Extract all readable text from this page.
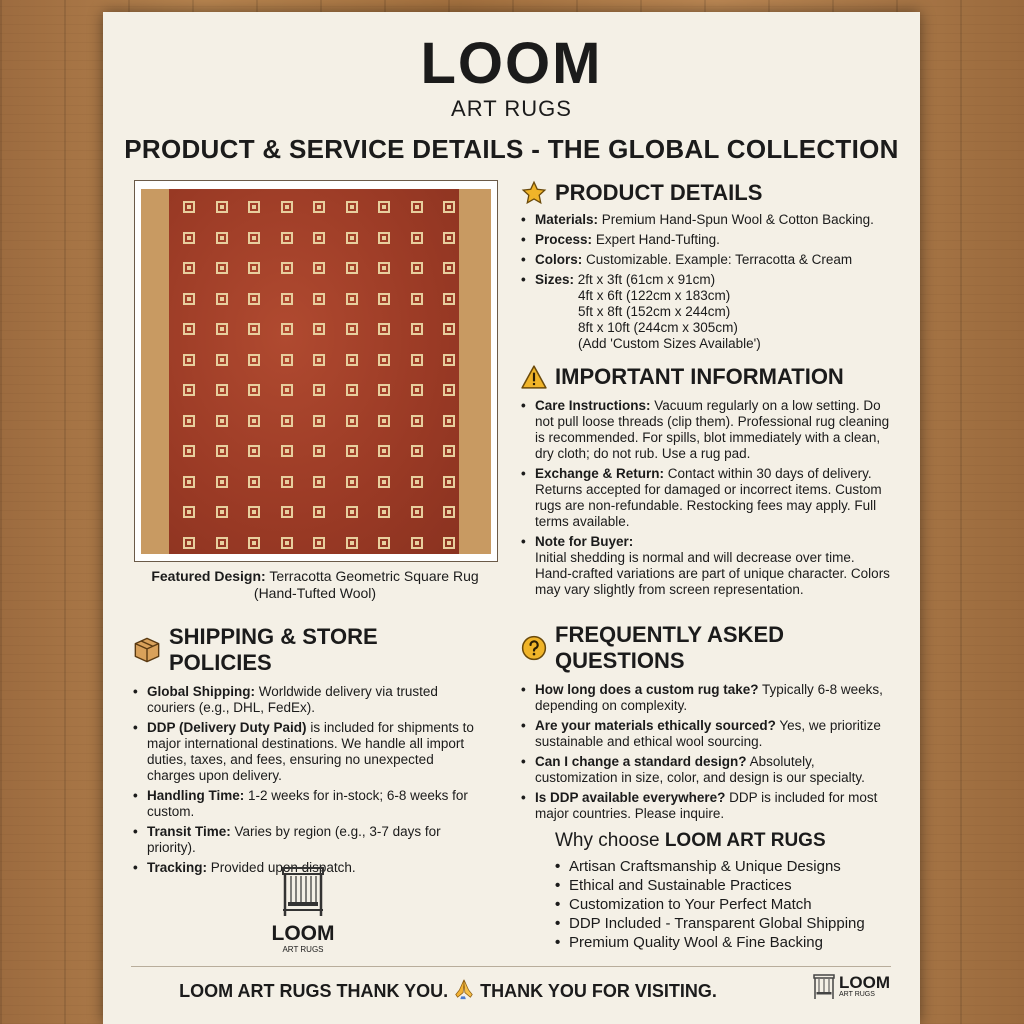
LOOM
ART RUGS
PRODUCT & SERVICE DETAILS - THE GLOBAL COLLECTION
Featured Design: Terracotta Geometric Square Rug
(Hand-Tufted Wool)
PRODUCT DETAILS
• Materials: Premium Hand-Spun Wool & Cotton Backing.
• Process: Expert Hand-Tufting.
• Colors: Customizable. Example: Terracotta & Cream
• Sizes: 2ft x 3ft (61cm x 91cm)
4ft x 6ft (122cm x 183cm)
5ft x 8ft (152cm x 244cm)
8ft x 10ft (244cm x 305cm)
(Add 'Custom Sizes Available')
IMPORTANT INFORMATION
• Care Instructions: Vacuum regularly on a low setting. Do not pull loose threads (clip them). Professional rug cleaning is recommended. For spills, blot immediately with a clean, dry cloth; do not rub. Use a rug pad.
• Exchange & Return: Contact within 30 days of delivery. Returns accepted for damaged or incorrect items. Custom rugs are non-refundable. Restocking fees may apply. Full terms available.
• Note for Buyer:
Initial shedding is normal and will decrease over time. Hand-crafted variations are part of unique character. Colors may vary slightly from screen representation.
SHIPPING & STORE POLICIES
• Global Shipping: Worldwide delivery via trusted couriers (e.g., DHL, FedEx).
• DDP (Delivery Duty Paid) is included for shipments to major international destinations. We handle all import duties, taxes, and fees, ensuring no unexpected charges upon delivery.
• Handling Time: 1-2 weeks for in-stock; 6-8 weeks for custom.
• Transit Time: Varies by region (e.g., 3-7 days for priority).
• Tracking: Provided upon dispatch.
FREQUENTLY ASKED QUESTIONS
• How long does a custom rug take? Typically 6-8 weeks, depending on complexity.
• Are your materials ethically sourced? Yes, we prioritize sustainable and ethical wool sourcing.
• Can I change a standard design? Absolutely, customization in size, color, and design is our specialty.
• Is DDP available everywhere? DDP is included for most major countries. Please inquire.
Why choose LOOM ART RUGS
• Artisan Craftsmanship & Unique Designs
• Ethical and Sustainable Practices
• Customization to Your Perfect Match
• DDP Included - Transparent Global Shipping
• Premium Quality Wool & Fine Backing
LOOM
ART RUGS
LOOM ART RUGS THANK YOU. THANK YOU FOR VISITING.	LOOM
ART RUGS
